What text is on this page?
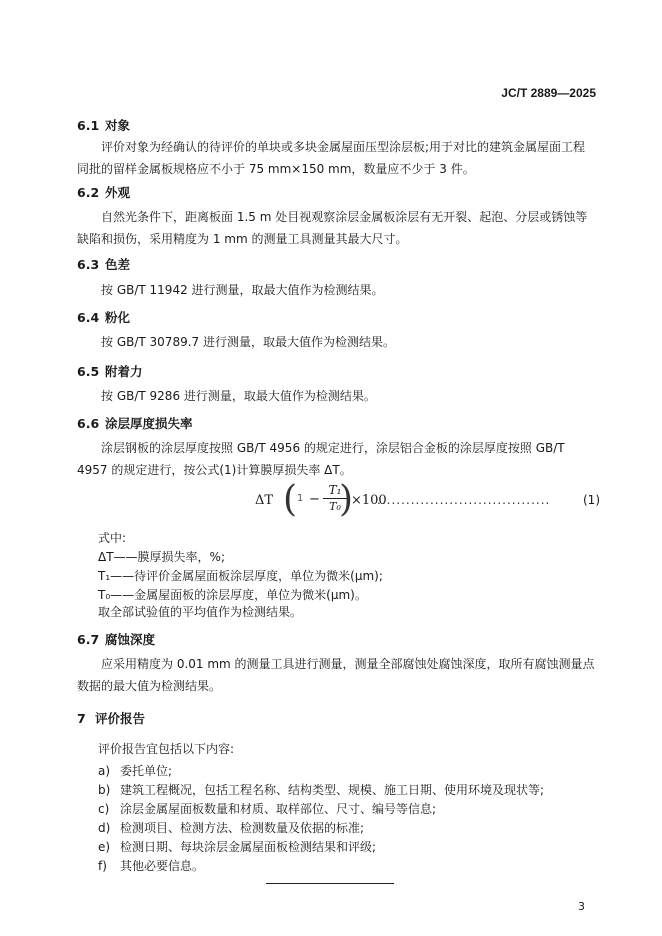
JC/T 2889—2025
6.1 对象

评价对象为经确认的待评价的单块或多块金属屋面压型涂层板;用于对比的建筑金属屋面工程同批的留样金属板规格应不小于 75 mm×150 mm，数量应不少于 3 件。

6.2 外观

自然光条件下，距离板面 1.5 m 处目视观察涂层金属板涂层有无开裂、起泡、分层或锈蚀等缺陷和损伤，采用精度为 1 mm 的测量工具测量其最大尺寸。

6.3 色差

按 GB/T 11942 进行测量，取最大值作为检测结果。

6.4 粉化

按 GB/T 30789.7 进行测量，取最大值作为检测结果。

6.5 附着力

按 GB/T 9286 进行测量，取最大值作为检测结果。

6.6 涂层厚度损失率

涂层钢板的涂层厚度按照 GB/T 4956 的规定进行，涂层铝合金板的涂层厚度按照 GB/T 4957 的规定进行，按公式(1)计算膜厚损失率 ΔT。

ΔT ( 1 −
T₁
T₀
)
×100
....................................	(1)
式中:
ΔT——膜厚损失率，%;
T₁——待评价金属屋面板涂层厚度，单位为微米(μm);
T₀——金属屋面板的涂层厚度，单位为微米(μm)。
取全部试验值的平均值作为检测结果。
6.7 腐蚀深度

应采用精度为 0.01 mm 的测量工具进行测量，测量全部腐蚀处腐蚀深度，取所有腐蚀测量点数据的最大值为检测结果。

7 评价报告
评价报告宜包括以下内容:
a) 委托单位;
b) 建筑工程概况，包括工程名称、结构类型、规模、施工日期、使用环境及现状等;
c) 涂层金属屋面板数量和材质、取样部位、尺寸、编号等信息;
d) 检测项目、检测方法、检测数量及依据的标准;
e) 检测日期、每块涂层金属屋面板检测结果和评级;
f) 其他必要信息。
3
